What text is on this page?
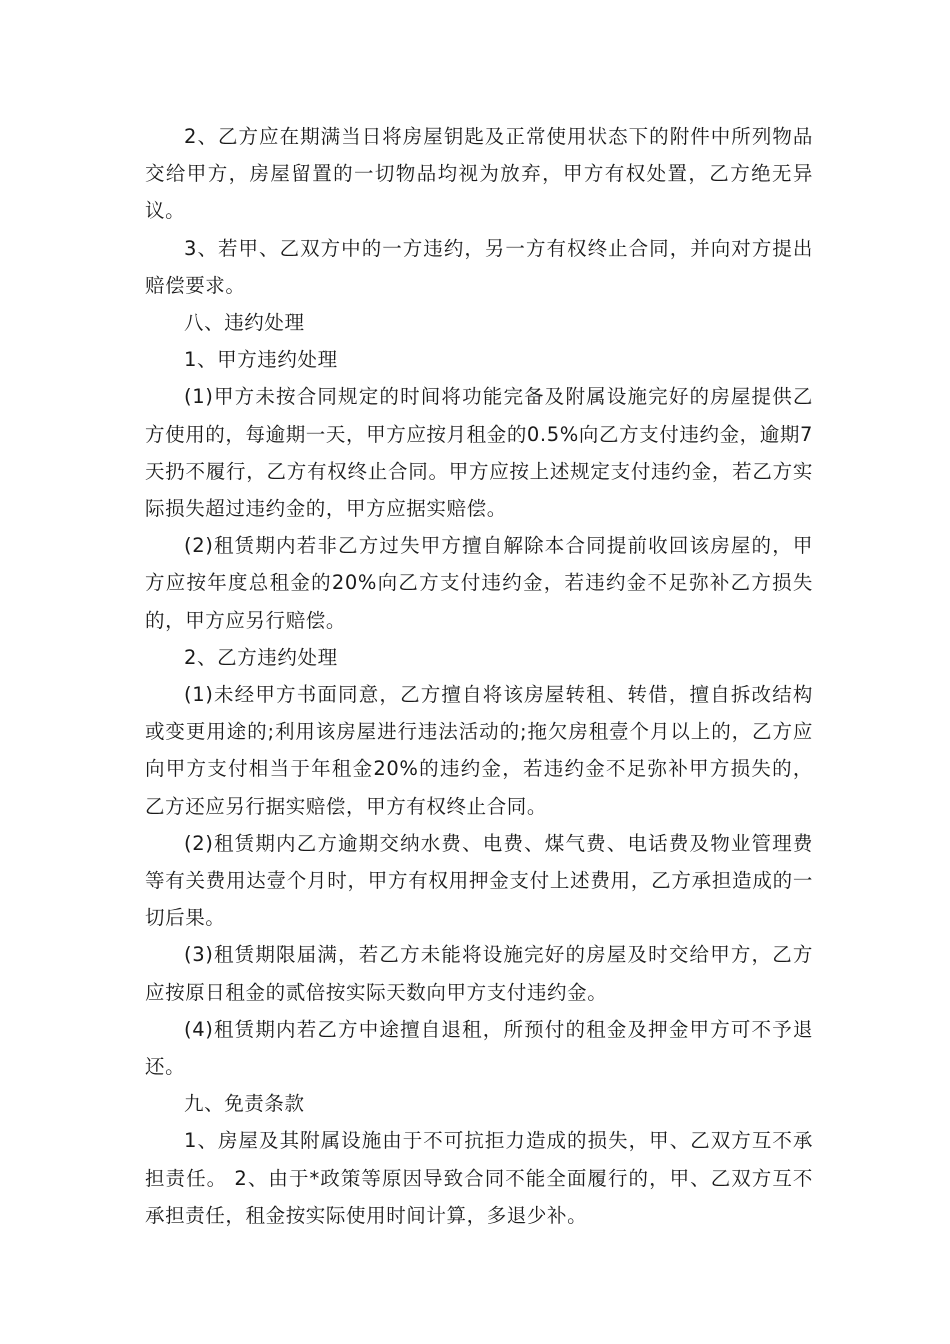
2、乙方应在期满当日将房屋钥匙及正常使用状态下的附件中所列物品交给甲方，房屋留置的一切物品均视为放弃，甲方有权处置，乙方绝无异议。

3、若甲、乙双方中的一方违约，另一方有权终止合同，并向对方提出赔偿要求。

八、违约处理

1、甲方违约处理

(1)甲方未按合同规定的时间将功能完备及附属设施完好的房屋提供乙方使用的，每逾期一天，甲方应按月租金的0.5%向乙方支付违约金，逾期7天扔不履行，乙方有权终止合同。甲方应按上述规定支付违约金，若乙方实际损失超过违约金的，甲方应据实赔偿。

(2)租赁期内若非乙方过失甲方擅自解除本合同提前收回该房屋的，甲方应按年度总租金的20%向乙方支付违约金，若违约金不足弥补乙方损失的，甲方应另行赔偿。

2、乙方违约处理

(1)未经甲方书面同意，乙方擅自将该房屋转租、转借，擅自拆改结构或变更用途的;利用该房屋进行违法活动的;拖欠房租壹个月以上的，乙方应向甲方支付相当于年租金20%的违约金，若违约金不足弥补甲方损失的，乙方还应另行据实赔偿，甲方有权终止合同。

(2)租赁期内乙方逾期交纳水费、电费、煤气费、电话费及物业管理费等有关费用达壹个月时，甲方有权用押金支付上述费用，乙方承担造成的一切后果。

(3)租赁期限届满，若乙方未能将设施完好的房屋及时交给甲方，乙方应按原日租金的贰倍按实际天数向甲方支付违约金。

(4)租赁期内若乙方中途擅自退租，所预付的租金及押金甲方可不予退还。

九、免责条款

1、房屋及其附属设施由于不可抗拒力造成的损失，甲、乙双方互不承担责任。 2、由于*政策等原因导致合同不能全面履行的，甲、乙双方互不承担责任，租金按实际使用时间计算，多退少补。
